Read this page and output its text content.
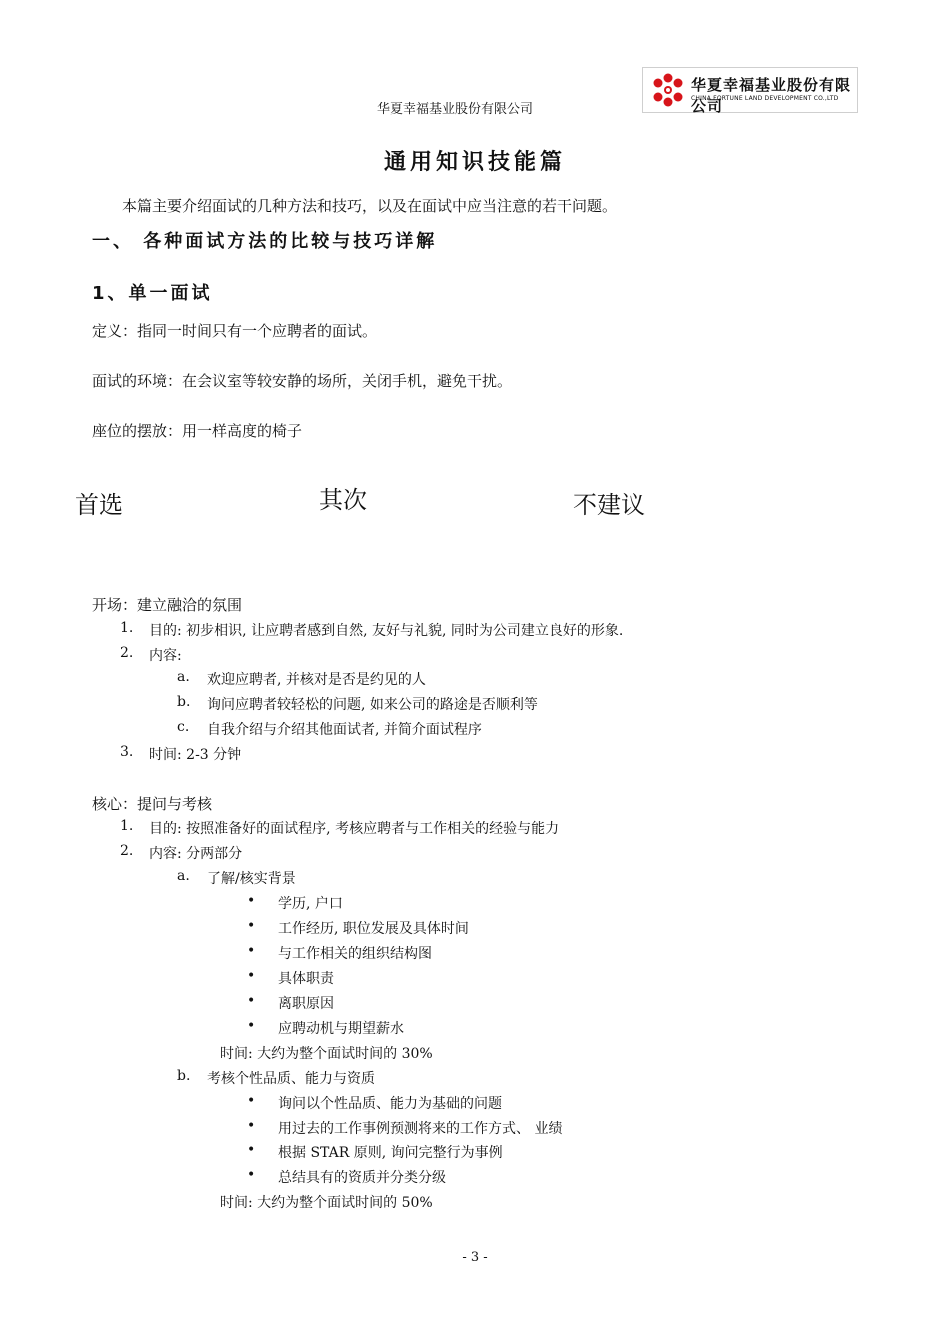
华夏幸福基业股份有限公司
CHINA FORTUNE LAND DEVELOPMENT CO.,LTD
华夏幸福基业股份有限公司
通用知识技能篇
本篇主要介绍面试的几种方法和技巧，以及在面试中应当注意的若干问题。
一、 各种面试方法的比较与技巧详解
1、单一面试
定义：指同一时间只有一个应聘者的面试。
面试的环境：在会议室等较安静的场所，关闭手机，避免干扰。
座位的摆放：用一样高度的椅子
首选	其次	不建议
开场：建立融洽的氛围
1. 目的: 初步相识, 让应聘者感到自然, 友好与礼貌, 同时为公司建立良好的形象.
2. 内容:
a. 欢迎应聘者, 并核对是否是约见的人
b. 询问应聘者较轻松的问题, 如来公司的路途是否顺利等
c. 自我介绍与介绍其他面试者, 并简介面试程序
3. 时间: 2-3 分钟
核心：提问与考核
1. 目的: 按照准备好的面试程序, 考核应聘者与工作相关的经验与能力
2. 内容: 分两部分
a. 了解/核实背景
• 学历, 户口
• 工作经历, 职位发展及具体时间
• 与工作相关的组织结构图
• 具体职责
• 离职原因
• 应聘动机与期望薪水
时间: 大约为整个面试时间的 30%
b. 考核个性品质、能力与资质
• 询问以个性品质、能力为基础的问题
• 用过去的工作事例预测将来的工作方式、 业绩
• 根据 STAR 原则, 询问完整行为事例
• 总结具有的资质并分类分级
时间: 大约为整个面试时间的 50%
- 3 -
